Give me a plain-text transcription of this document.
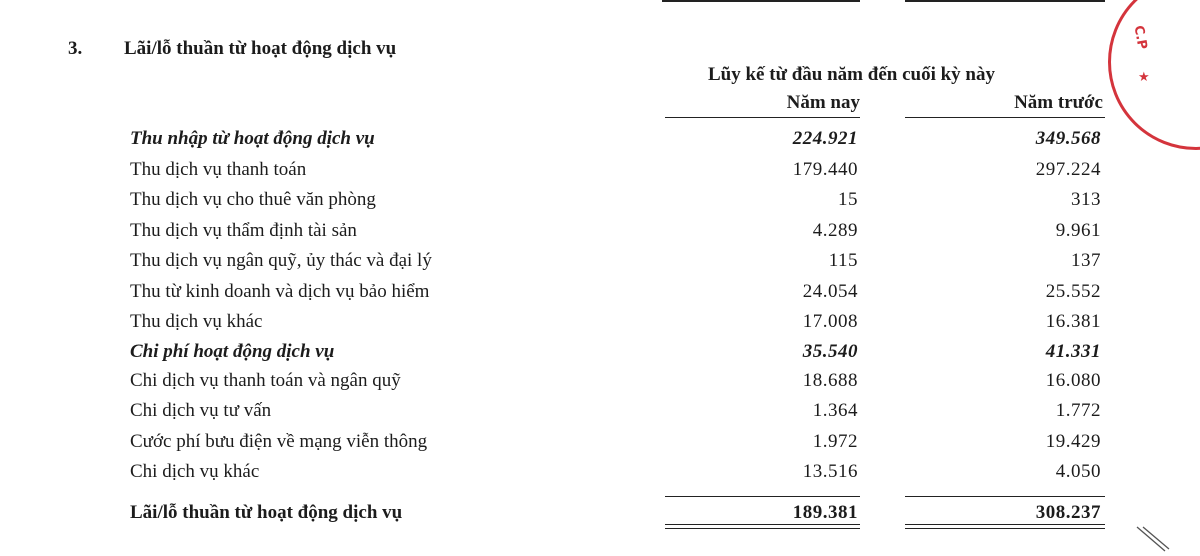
3. Lãi/lỗ thuần từ hoạt động dịch vụ
Lũy kế từ đầu năm đến cuối kỳ này
Năm nay	Năm trước
Thu nhập từ hoạt động dịch vụ	224.921	349.568
Thu dịch vụ thanh toán	179.440	297.224
Thu dịch vụ cho thuê văn phòng	15	313
Thu dịch vụ thẩm định tài sản	4.289	9.961
Thu dịch vụ ngân quỹ, ủy thác và đại lý	115	137
Thu từ kinh doanh và dịch vụ bảo hiểm	24.054	25.552
Thu dịch vụ khác	17.008	16.381
Chi phí hoạt động dịch vụ	35.540	41.331
Chi dịch vụ thanh toán và ngân quỹ	18.688	16.080
Chi dịch vụ tư vấn	1.364	1.772
Cước phí bưu điện về mạng viễn thông	1.972	19.429
Chi dịch vụ khác	13.516	4.050
Lãi/lỗ thuần từ hoạt động dịch vụ	189.381	308.237
C.P
★
